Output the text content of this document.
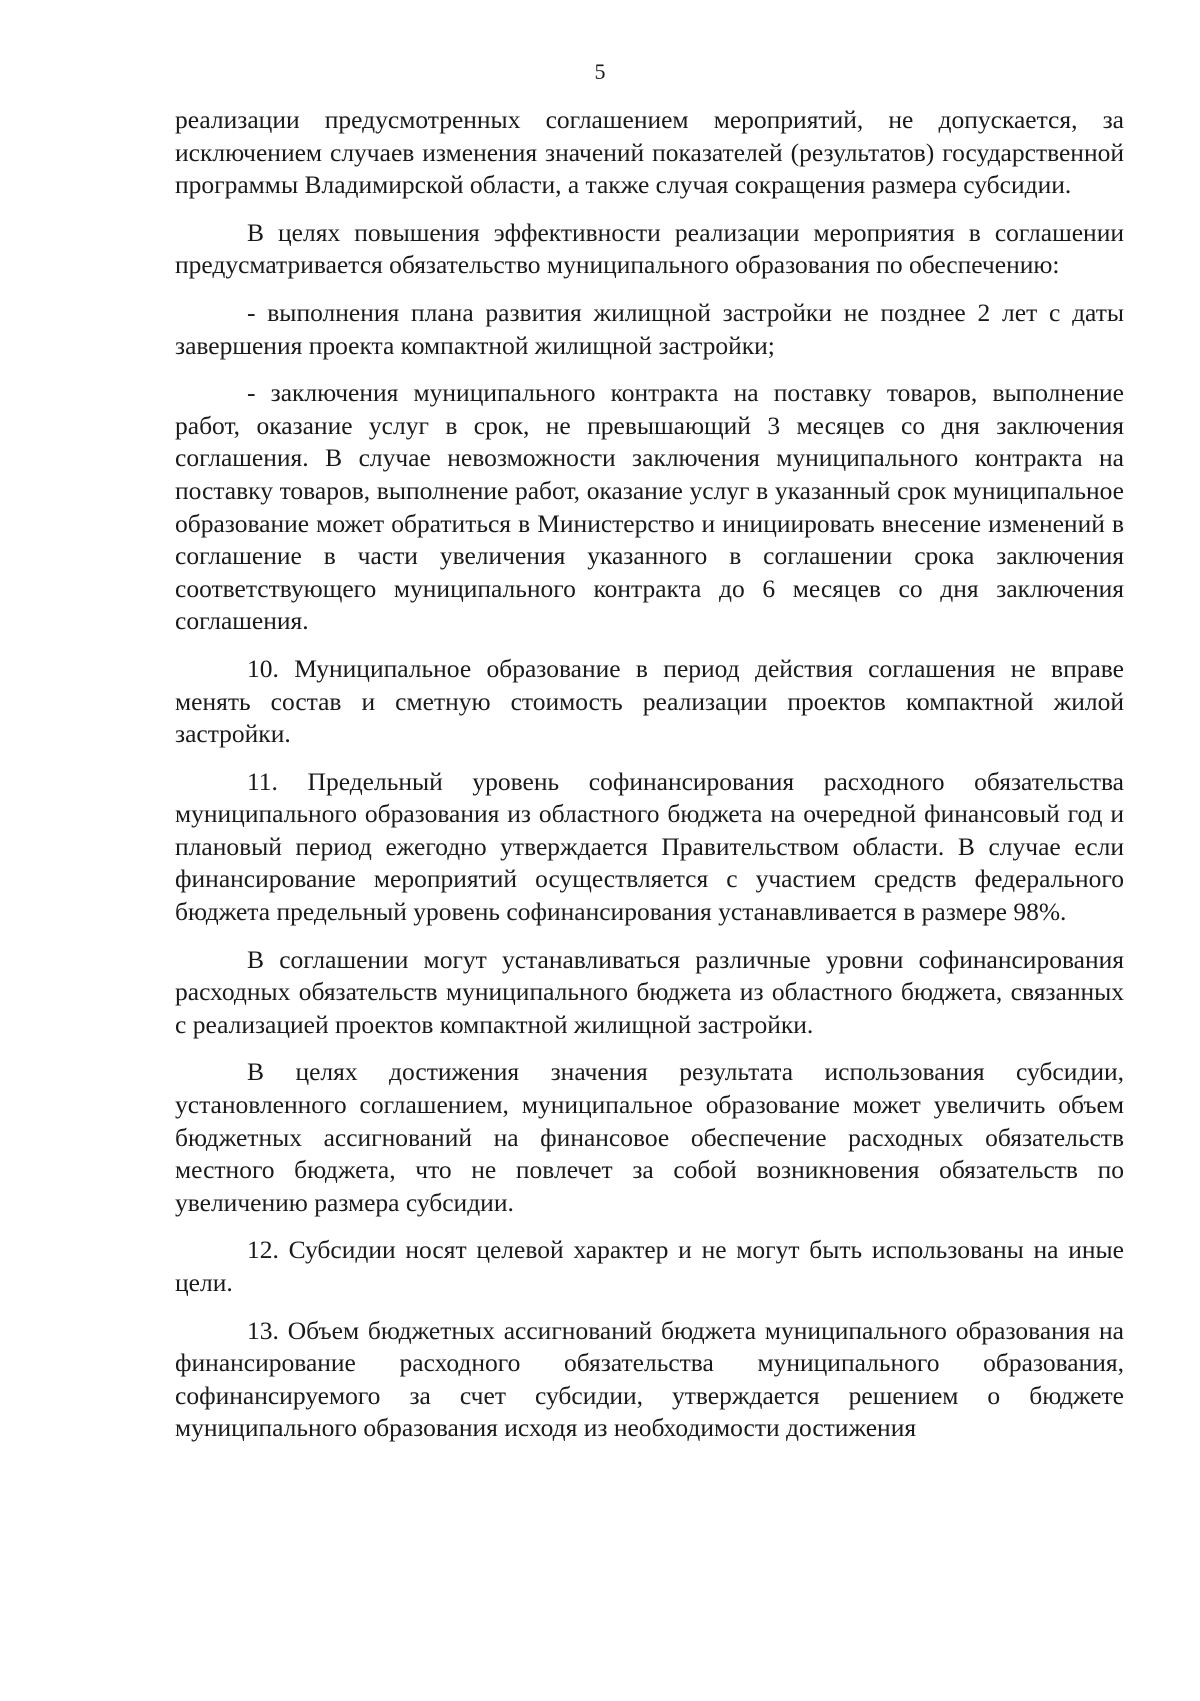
5

реализации предусмотренных соглашением мероприятий, не допускается, за исключением случаев изменения значений показателей (результатов) государственной программы Владимирской области, а также случая сокращения размера субсидии.

В целях повышения эффективности реализации мероприятия в соглашении предусматривается обязательство муниципального образования по обеспечению:

- выполнения плана развития жилищной застройки не позднее 2 лет с даты завершения проекта компактной жилищной застройки;

- заключения муниципального контракта на поставку товаров, выполнение работ, оказание услуг в срок, не превышающий 3 месяцев со дня заключения соглашения. В случае невозможности заключения муниципального контракта на поставку товаров, выполнение работ, оказание услуг в указанный срок муниципальное образование может обратиться в Министерство и инициировать внесение изменений в соглашение в части увеличения указанного в соглашении срока заключения соответствующего муниципального контракта до 6 месяцев со дня заключения соглашения.

10. Муниципальное образование в период действия соглашения не вправе менять состав и сметную стоимость реализации проектов компактной жилой застройки.

11. Предельный уровень софинансирования расходного обязательства муниципального образования из областного бюджета на очередной финансовый год и плановый период ежегодно утверждается Правительством области. В случае если финансирование мероприятий осуществляется с участием средств федерального бюджета предельный уровень софинансирования устанавливается в размере 98%.

В соглашении могут устанавливаться различные уровни софинансирования расходных обязательств муниципального бюджета из областного бюджета, связанных с реализацией проектов компактной жилищной застройки.

В целях достижения значения результата использования субсидии, установленного соглашением, муниципальное образование может увеличить объем бюджетных ассигнований на финансовое обеспечение расходных обязательств местного бюджета, что не повлечет за собой возникновения обязательств по увеличению размера субсидии.

12. Субсидии носят целевой характер и не могут быть использованы на иные цели.

13. Объем бюджетных ассигнований бюджета муниципального образования на финансирование расходного обязательства муниципального образования, софинансируемого за счет субсидии, утверждается решением о бюджете муниципального образования исходя из необходимости достижения
